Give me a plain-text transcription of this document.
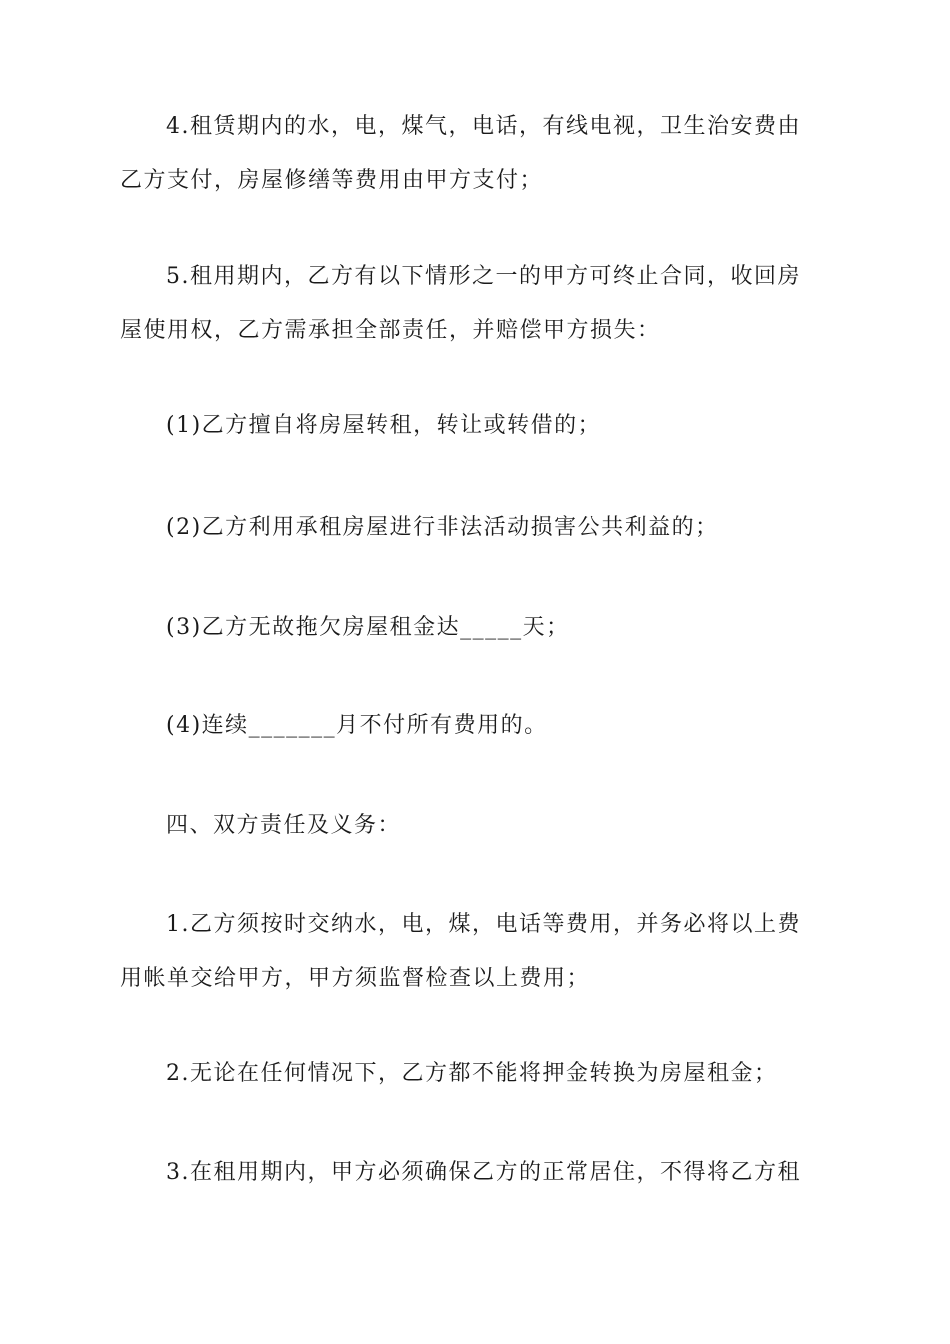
4.租赁期内的水，电，煤气，电话，有线电视，卫生治安费由
乙方支付，房屋修缮等费用由甲方支付；
5.租用期内，乙方有以下情形之一的甲方可终止合同，收回房
屋使用权，乙方需承担全部责任，并赔偿甲方损失：
(1)乙方擅自将房屋转租，转让或转借的；
(2)乙方利用承租房屋进行非法活动损害公共利益的；
(3)乙方无故拖欠房屋租金达_____天；
(4)连续_______月不付所有费用的。
四、双方责任及义务：
1.乙方须按时交纳水，电，煤，电话等费用，并务必将以上费
用帐单交给甲方，甲方须监督检查以上费用；
2.无论在任何情况下，乙方都不能将押金转换为房屋租金；
3.在租用期内，甲方必须确保乙方的正常居住，不得将乙方租
